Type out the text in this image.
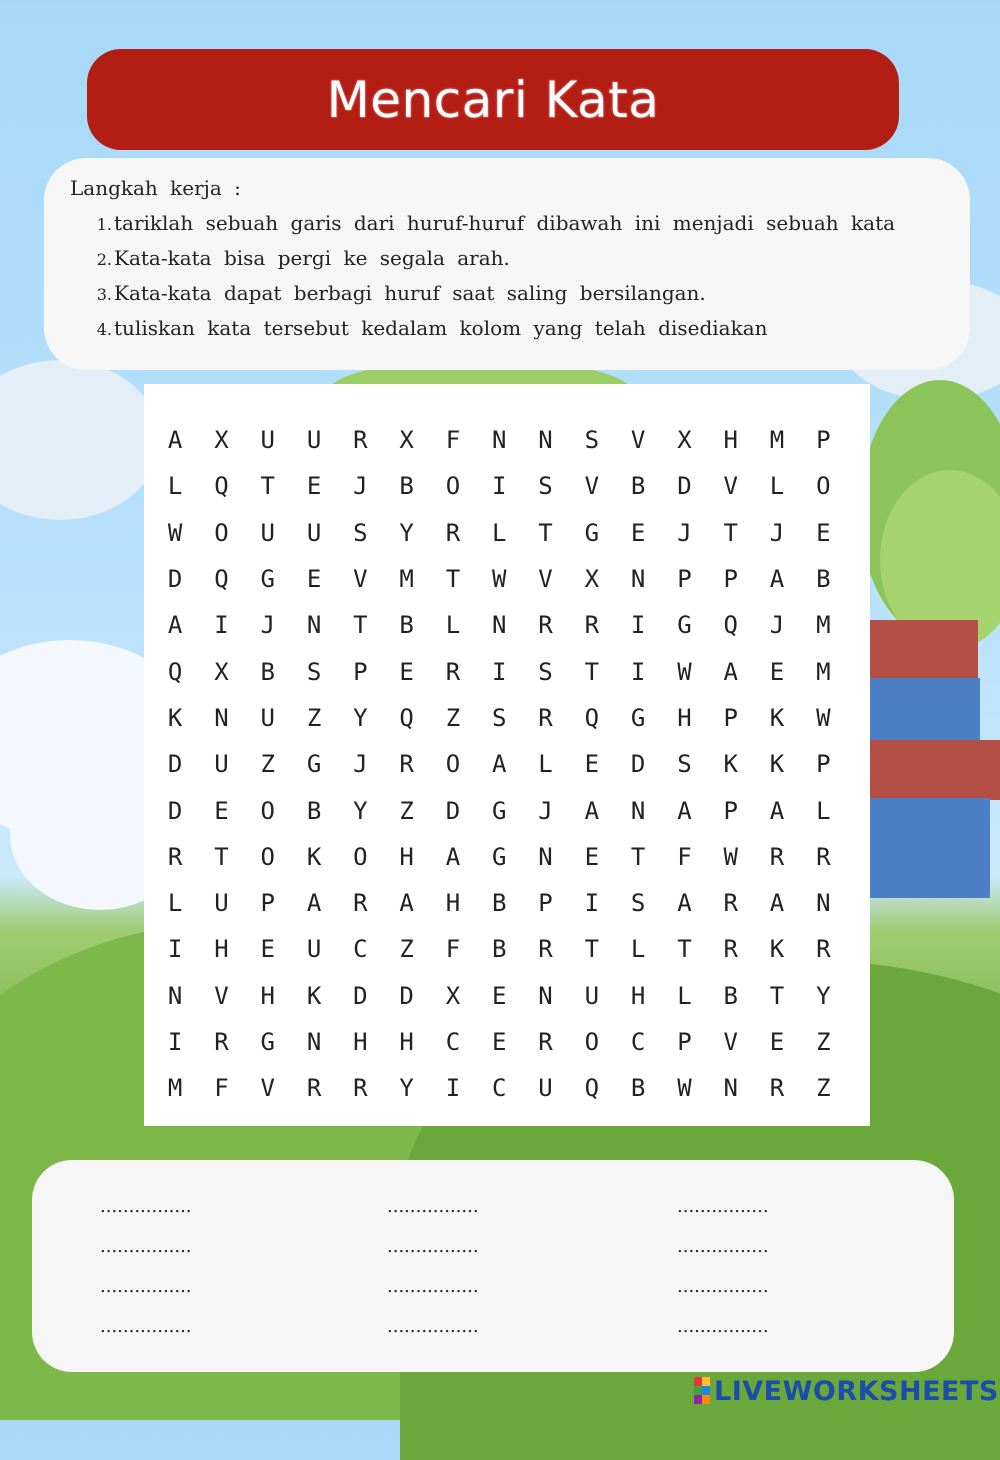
Mencari Kata
Langkah kerja :
1. tariklah sebuah garis dari huruf-huruf dibawah ini menjadi sebuah kata
2. Kata-kata bisa pergi ke segala arah.
3. Kata-kata dapat berbagi huruf saat saling bersilangan.
4. tuliskan kata tersebut kedalam kolom yang telah disediakan
A	X	U	U	R	X	F	N	N	S	V	X	H	M	P
L	Q	T	E	J	B	O	I	S	V	B	D	V	L	O
W	O	U	U	S	Y	R	L	T	G	E	J	T	J	E
D	Q	G	E	V	M	T	W	V	X	N	P	P	A	B
A	I	J	N	T	B	L	N	R	R	I	G	Q	J	M
Q	X	B	S	P	E	R	I	S	T	I	W	A	E	M
K	N	U	Z	Y	Q	Z	S	R	Q	G	H	P	K	W
D	U	Z	G	J	R	O	A	L	E	D	S	K	K	P
D	E	O	B	Y	Z	D	G	J	A	N	A	P	A	L
R	T	O	K	O	H	A	G	N	E	T	F	W	R	R
L	U	P	A	R	A	H	B	P	I	S	A	R	A	N
I	H	E	U	C	Z	F	B	R	T	L	T	R	K	R
N	V	H	K	D	D	X	E	N	U	H	L	B	T	Y
I	R	G	N	H	H	C	E	R	O	C	P	V	E	Z
M	F	V	R	R	Y	I	C	U	Q	B	W	N	R	Z
................
................
................
................
................
................
................
................
................
................
................
................
LIVEWORKSHEETS
